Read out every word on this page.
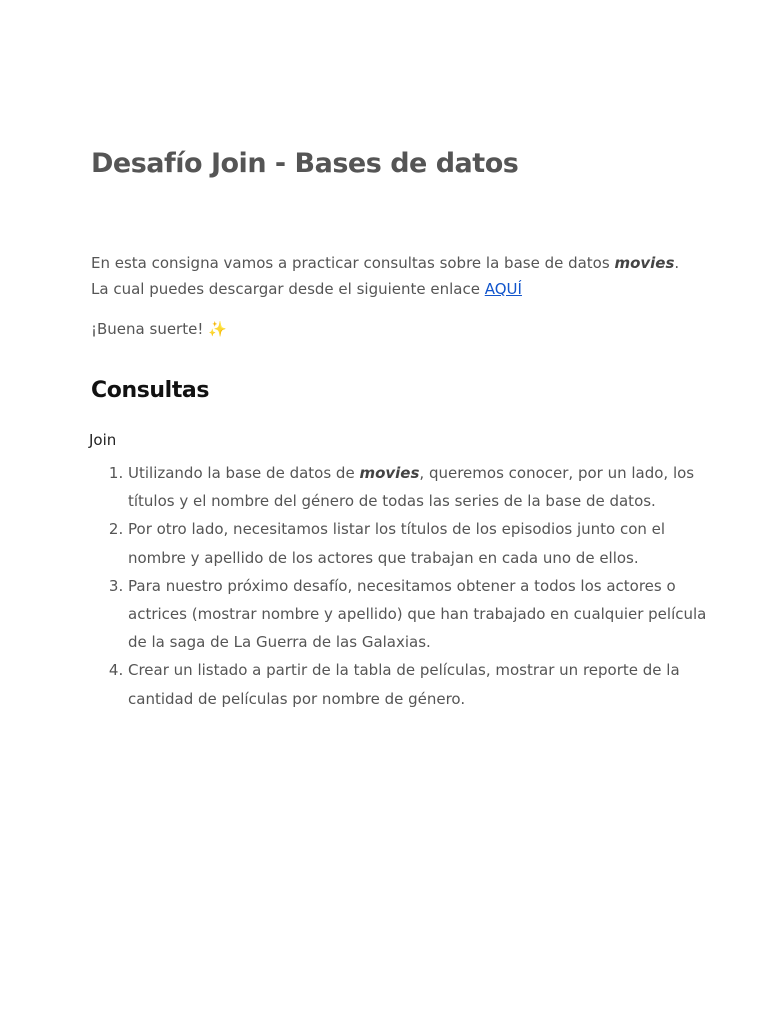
Desafío Join - Bases de datos

En esta consigna vamos a practicar consultas sobre la base de datos movies.
La cual puedes descargar desde el siguiente enlace AQUÍ

¡Buena suerte! ✨

Consultas

Join

1. Utilizando la base de datos de movies, queremos conocer, por un lado, los títulos y el nombre del género de todas las series de la base de datos.
2. Por otro lado, necesitamos listar los títulos de los episodios junto con el nombre y apellido de los actores que trabajan en cada uno de ellos.
3. Para nuestro próximo desafío, necesitamos obtener a todos los actores o actrices (mostrar nombre y apellido) que han trabajado en cualquier película de la saga de La Guerra de las Galaxias.
4. Crear un listado a partir de la tabla de películas, mostrar un reporte de la cantidad de películas por nombre de género.
